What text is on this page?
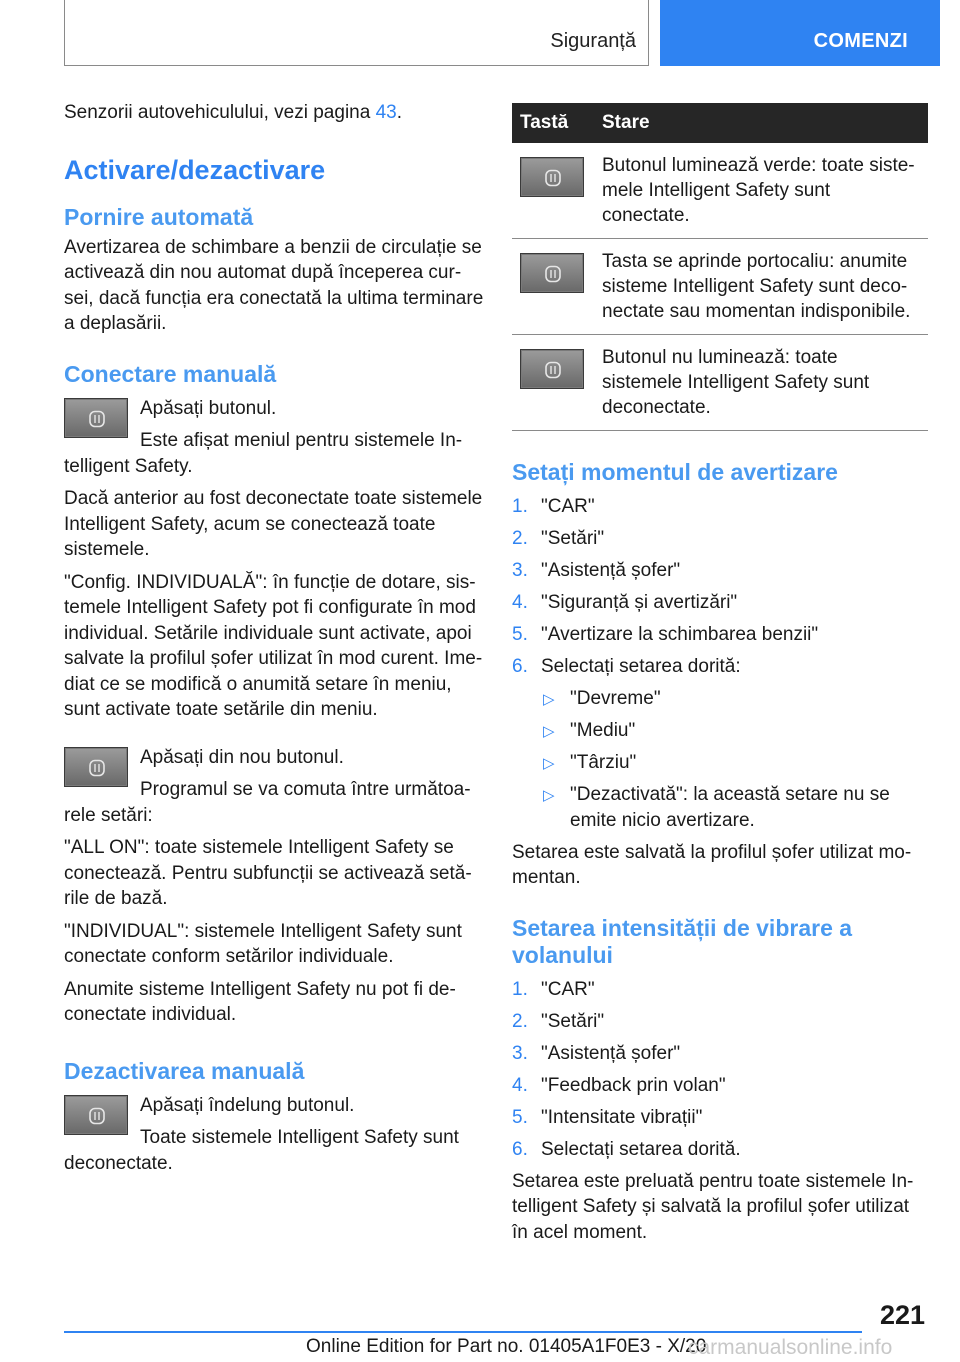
Siguranță	COMENZI

Senzorii autovehiculului, vezi pagina 43.

Activare/dezactivare
Pornire automată

Avertizarea de schimbare a benzii de circulație se activează din nou automat după începerea cursei, dacă funcția era conectată la ultima terminare a deplasării.

Conectare manuală

Apăsați butonul.

Este afișat meniul pentru sistemele Intelligent Safety.

Dacă anterior au fost deconectate toate sistemele Intelligent Safety, acum se conectează toate sistemele.

"Config. INDIVIDUALĂ": în funcție de dotare, sistemele Intelligent Safety pot fi configurate în mod individual. Setările individuale sunt activate, apoi salvate la profilul șofer utilizat în mod curent. Imediat ce se modifică o anumită setare în meniu, sunt activate toate setările din meniu.

Apăsați din nou butonul.

Programul se va comuta între următoarele setări:

"ALL ON": toate sistemele Intelligent Safety se conectează. Pentru subfuncții se activează setările de bază.

"INDIVIDUAL": sistemele Intelligent Safety sunt conectate conform setărilor individuale.

Anumite sisteme Intelligent Safety nu pot fi deconectate individual.

Dezactivarea manuală

Apăsați îndelung butonul.

Toate sistemele Intelligent Safety sunt deconectate.

Tastă	Stare

	Butonul luminează verde: toate sistemele Intelligent Safety sunt conectate.

	Tasta se aprinde portocaliu: anumite sisteme Intelligent Safety sunt deconectate sau momentan indisponibile.

	Butonul nu luminează: toate sistemele Intelligent Safety sunt deconectate.
Setați momentul de avertizare
1. "CAR"
2. "Setări"
3. "Asistență șofer"
4. "Siguranță și avertizări"
5. "Avertizare la schimbarea benzii"
6. Selectați setarea dorită:
▷ "Devreme"
▷ "Mediu"
▷ "Târziu"
▷ "Dezactivată": la această setare nu se emite nicio avertizare.

Setarea este salvată la profilul șofer utilizat momentan.

Setarea intensității de vibrare a volanului
1. "CAR"
2. "Setări"
3. "Asistență șofer"
4. "Feedback prin volan"
5. "Intensitate vibrații"
6. Selectați setarea dorită.

Setarea este preluată pentru toate sistemele Intelligent Safety și salvată la profilul șofer utilizat în acel moment.

221
Online Edition for Part no. 01405A1F0E3 - X/20
carmanualsonline.info
